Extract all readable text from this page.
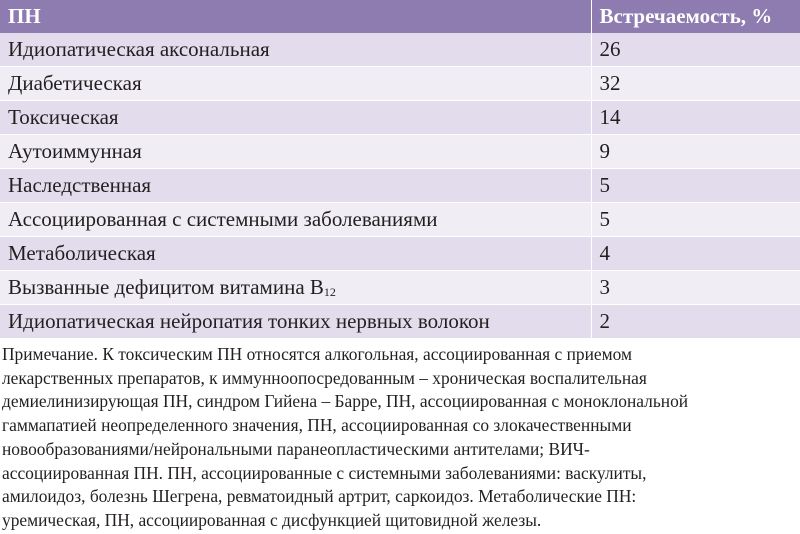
ПН	Встречаемость, %
Идиопатическая аксональная	26
Диабетическая	32
Токсическая	14
Аутоиммунная	9
Наследственная	5
Ассоциированная с системными заболеваниями	5
Метаболическая	4
Вызванные дефицитом витамина $B_{12}$	3
Идиопатическая нейропатия тонких нервных волокон	2
Примечание. К токсическим ПН относятся алкогольная, ассоциированная с приемом
лекарственных препаратов, к иммунноопосредованным – хроническая воспалительная
демиелинизирующая ПН, синдром Гийена – Барре, ПН, ассоциированная с моноклональной
гаммапатией неопределенного значения, ПН, ассоциированная со злокачественными
новообразованиями/нейрональными паранеопластическими антителами; ВИЧ-
ассоциированная ПН. ПН, ассоциированные с системными заболеваниями: васкулиты,
амилоидоз, болезнь Шегрена, ревматоидный артрит, саркоидоз. Метаболические ПН:
уремическая, ПН, ассоциированная с дисфункцией щитовидной железы.
